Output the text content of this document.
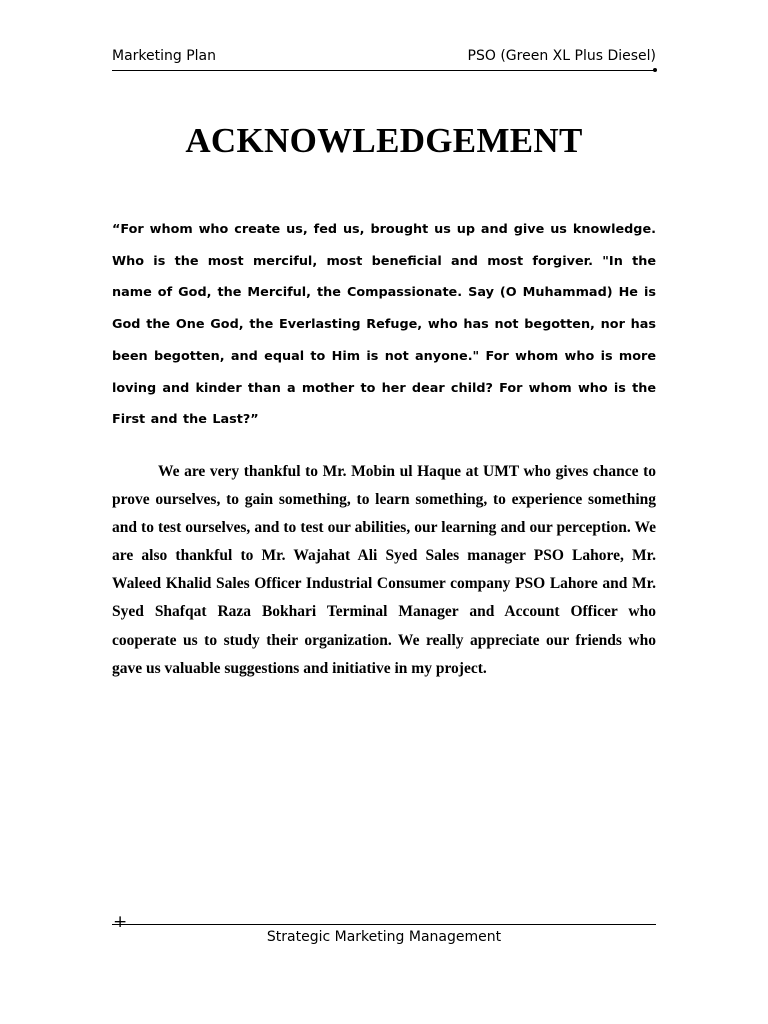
Marketing Plan	PSO (Green XL Plus Diesel)
ACKNOWLEDGEMENT
“For whom who create us, fed us, brought us up and give us knowledge. Who is the most merciful, most beneficial and most forgiver. "In the name of God, the Merciful, the Compassionate. Say (O Muhammad) He is God the One God, the Everlasting Refuge, who has not begotten, nor has been begotten, and equal to Him is not anyone." For whom who is more loving and kinder than a mother to her dear child? For whom who is the First and the Last?”
We are very thankful to Mr. Mobin ul Haque at UMT who gives chance to prove ourselves, to gain something, to learn something, to experience something and to test ourselves, and to test our abilities, our learning and our perception. We are also thankful to Mr. Wajahat Ali Syed Sales manager PSO Lahore, Mr. Waleed Khalid Sales Officer Industrial Consumer company PSO Lahore and Mr. Syed Shafqat Raza Bokhari Terminal Manager and Account Officer who cooperate us to study their organization. We really appreciate our friends who gave us valuable suggestions and initiative in my project.
+
Strategic Marketing Management
